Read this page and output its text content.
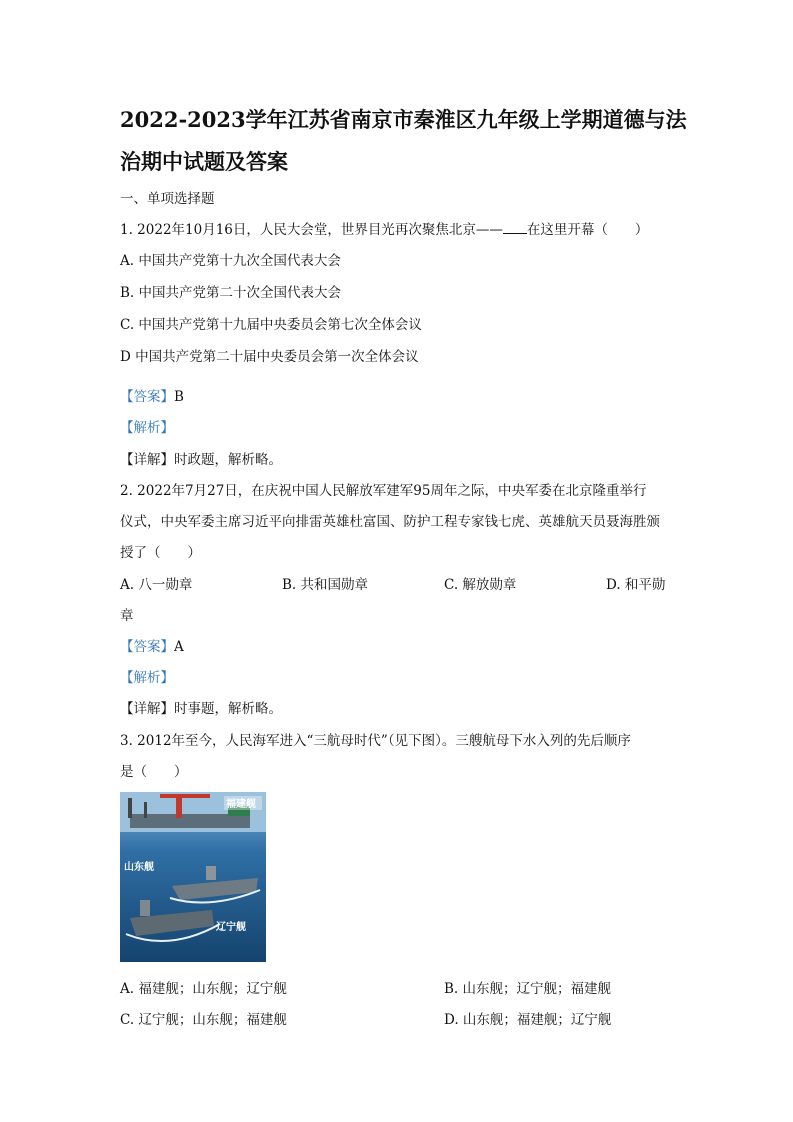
2022-2023学年江苏省南京市秦淮区九年级上学期道德与法
治期中试题及答案
一、单项选择题
1. 2022年10月16日，人民大会堂，世界目光再次聚焦北京—— 在这里开幕（　　）
A. 中国共产党第十九次全国代表大会
B. 中国共产党第二十次全国代表大会
C. 中国共产党第十九届中央委员会第七次全体会议
D 中国共产党第二十届中央委员会第一次全体会议
【答案】B
【解析】
【详解】时政题，解析略。
2. 2022年7月27日，在庆祝中国人民解放军建军95周年之际，中央军委在北京隆重举行
仪式，中央军委主席习近平向排雷英雄杜富国、防护工程专家钱七虎、英雄航天员聂海胜颁
授了（　　）
A. 八一勋章	B. 共和国勋章	C. 解放勋章	D. 和平勋
章
【答案】A
【解析】
【详解】时事题，解析略。
3. 2012年至今，人民海军进入“三航母时代”（见下图）。三艘航母下水入列的先后顺序
是（　　）
福建舰
山东舰
辽宁舰
A. 福建舰；山东舰；辽宁舰	B. 山东舰；辽宁舰；福建舰
C. 辽宁舰；山东舰；福建舰	D. 山东舰；福建舰；辽宁舰
